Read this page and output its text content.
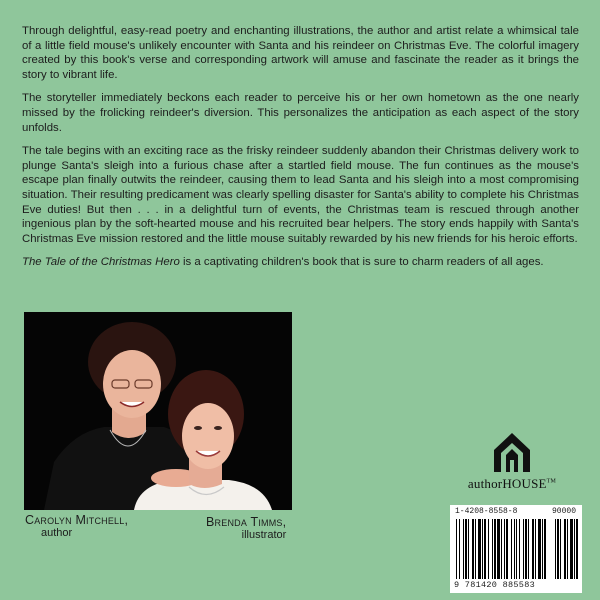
Through delightful, easy-read poetry and enchanting illustrations, the author and artist relate a whimsical tale of a little field mouse's unlikely encounter with Santa and his reindeer on Christmas Eve. The colorful imagery created by this book's verse and corresponding artwork will amuse and fascinate the reader as it brings the story to vibrant life.

The storyteller immediately beckons each reader to perceive his or her own hometown as the one nearly missed by the frolicking reindeer's diversion. This personalizes the anticipation as each aspect of the story unfolds.

The tale begins with an exciting race as the frisky reindeer suddenly abandon their Christmas delivery work to plunge Santa's sleigh into a furious chase after a startled field mouse. The fun continues as the mouse's escape plan finally outwits the reindeer, causing them to lead Santa and his sleigh into a most compromising situation. Their resulting predicament was clearly spelling disaster for Santa's ability to complete his Christmas Eve duties! But then . . . in a delightful turn of events, the Christmas team is rescued through another ingenious plan by the soft-hearted mouse and his recruited bear helpers. The story ends happily with Santa's Christmas Eve mission restored and the little mouse suitably rewarded by his new friends for his heroic efforts.

The Tale of the Christmas Hero is a captivating children's book that is sure to charm readers of all ages.

Carolyn Mitchell,
author
Brenda Timms,
illustrator
authorHOUSE™
1-4208-8558-8	90000
9 781420 885583
